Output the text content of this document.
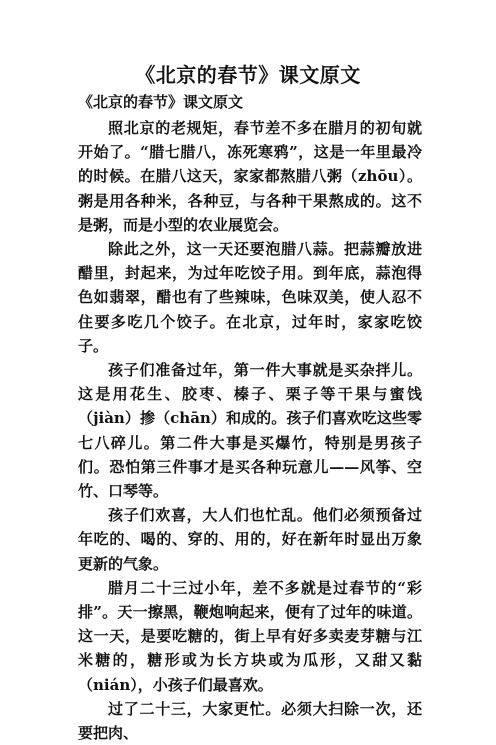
《北京的春节》课文原文
《北京的春节》课文原文

照北京的老规矩，春节差不多在腊月的初旬就开始了。“腊七腊八，冻死寒鸦”，这是一年里最冷的时候。在腊八这天，家家都熬腊八粥（zhōu）。粥是用各种米，各种豆，与各种干果熬成的。这不是粥，而是小型的农业展览会。

除此之外，这一天还要泡腊八蒜。把蒜瓣放进醋里，封起来，为过年吃饺子用。到年底，蒜泡得色如翡翠，醋也有了些辣味，色味双美，使人忍不住要多吃几个饺子。在北京，过年时，家家吃饺子。

孩子们准备过年，第一件大事就是买杂拌儿。这是用花生、胶枣、榛子、栗子等干果与蜜饯（jiàn）掺（chān）和成的。孩子们喜欢吃这些零七八碎儿。第二件大事是买爆竹，特别是男孩子们。恐怕第三件事才是买各种玩意儿——风筝、空竹、口琴等。

孩子们欢喜，大人们也忙乱。他们必须预备过年吃的、喝的、穿的、用的，好在新年时显出万象更新的气象。

腊月二十三过小年，差不多就是过春节的“彩排”。天一擦黑，鞭炮响起来，便有了过年的味道。这一天，是要吃糖的，街上早有好多卖麦芽糖与江米糖的，糖形或为长方块或为瓜形，又甜又黏（nián），小孩子们最喜欢。

过了二十三，大家更忙。必须大扫除一次，还要把肉、
